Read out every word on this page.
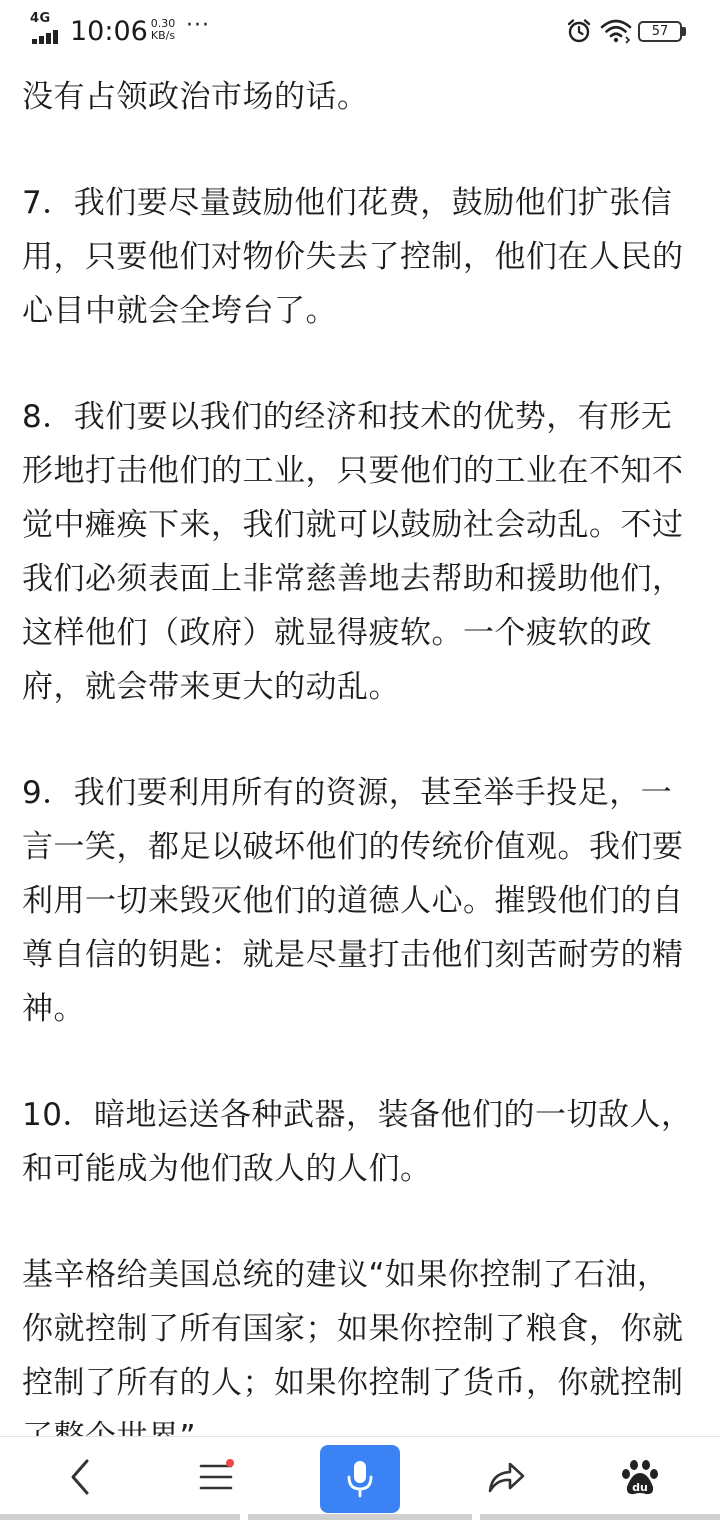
4G 10:06 0.30
KB/s ···	57

没有占领政治市场的话。

7．我们要尽量鼓励他们花费，鼓励他们扩张信用，只要他们对物价失去了控制，他们在人民的心目中就会全垮台了。

8．我们要以我们的经济和技术的优势，有形无形地打击他们的工业，只要他们的工业在不知不觉中瘫痪下来，我们就可以鼓励社会动乱。不过我们必须表面上非常慈善地去帮助和援助他们，这样他们（政府）就显得疲软。一个疲软的政府，就会带来更大的动乱。

9．我们要利用所有的资源，甚至举手投足，一言一笑，都足以破坏他们的传统价值观。我们要利用一切来毁灭他们的道德人心。摧毁他们的自尊自信的钥匙：就是尽量打击他们刻苦耐劳的精神。

10．暗地运送各种武器，装备他们的一切敌人，和可能成为他们敌人的人们。

基辛格给美国总统的建议“如果你控制了石油，你就控制了所有国家；如果你控制了粮食，你就控制了所有的人；如果你控制了货币，你就控制

du
